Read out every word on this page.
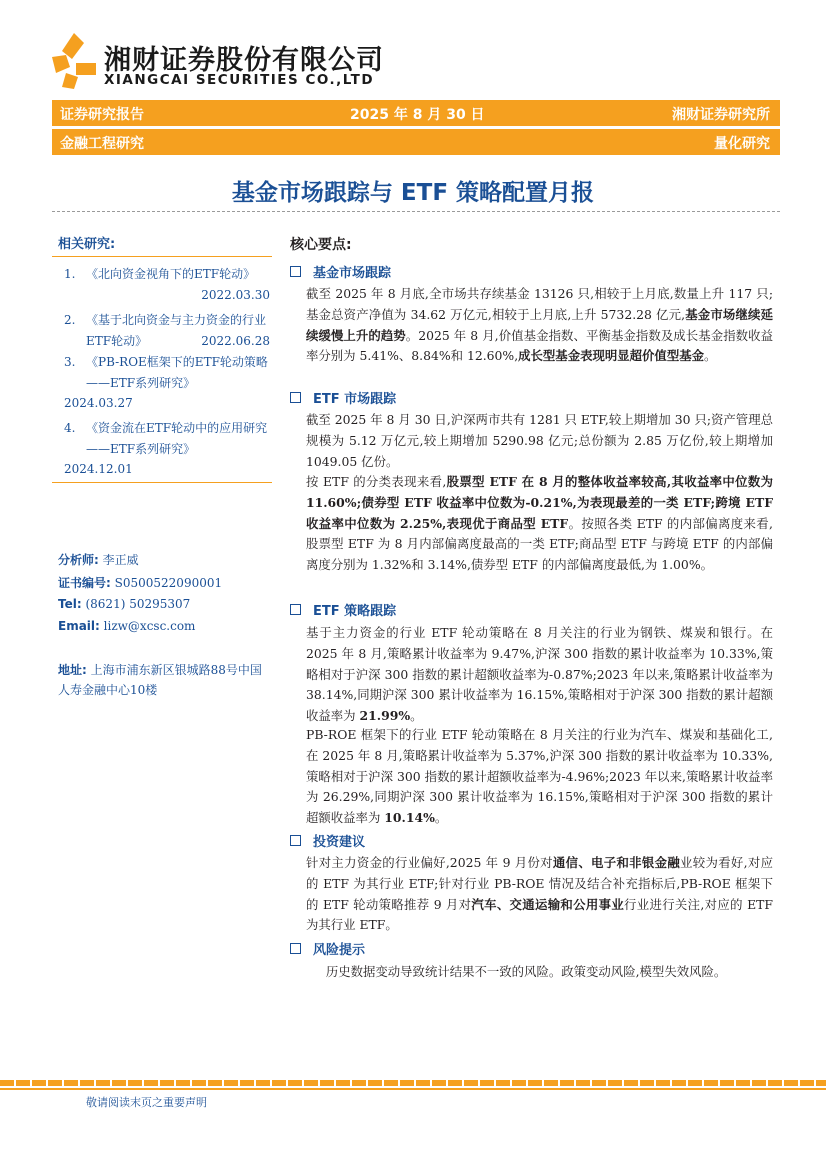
湘财证券股份有限公司
XIANGCAI SECURITIES CO.,LTD
证券研究报告	2025 年 8 月 30 日	湘财证券研究所
金融工程研究	量化研究
基金市场跟踪与 ETF 策略配置月报
相关研究:
1. 《北向资金视角下的ETF轮动》
2022.03.30
2. 《基于北向资金与主力资金的行业ETF轮动》	2022.06.28
3. 《PB-ROE框架下的ETF轮动策略——ETF系列研究》
2024.03.27
4. 《资金流在ETF轮动中的应用研究——ETF系列研究》
2024.12.01
分析师: 李正威
证书编号: S0500522090001
Tel: (8621) 50295307
Email: lizw@xcsc.com
地址: 上海市浦东新区银城路88号中国人寿金融中心10楼
核心要点:
基金市场跟踪
截至 2025 年 8 月底,全市场共存续基金 13126 只,相较于上月底,数量上升 117 只;基金总资产净值为 34.62 万亿元,相较于上月底,上升 5732.28 亿元,基金市场继续延续缓慢上升的趋势。2025 年 8 月,价值基金指数、平衡基金指数及成长基金指数收益率分别为 5.41%、8.84%和 12.60%,成长型基金表现明显超价值型基金。
ETF 市场跟踪
截至 2025 年 8 月 30 日,沪深两市共有 1281 只 ETF,较上期增加 30 只;资产管理总规模为 5.12 万亿元,较上期增加 5290.98 亿元;总份额为 2.85 万亿份,较上期增加 1049.05 亿份。
按 ETF 的分类表现来看,股票型 ETF 在 8 月的整体收益率较高,其收益率中位数为 11.60%;债券型 ETF 收益率中位数为-0.21%,为表现最差的一类 ETF;跨境 ETF 收益率中位数为 2.25%,表现优于商品型 ETF。按照各类 ETF 的内部偏离度来看,股票型 ETF 为 8 月内部偏离度最高的一类 ETF;商品型 ETF 与跨境 ETF 的内部偏离度分别为 1.32%和 3.14%,债券型 ETF 的内部偏离度最低,为 1.00%。
ETF 策略跟踪
基于主力资金的行业 ETF 轮动策略在 8 月关注的行业为钢铁、煤炭和银行。在 2025 年 8 月,策略累计收益率为 9.47%,沪深 300 指数的累计收益率为 10.33%,策略相对于沪深 300 指数的累计超额收益率为-0.87%;2023 年以来,策略累计收益率为 38.14%,同期沪深 300 累计收益率为 16.15%,策略相对于沪深 300 指数的累计超额收益率为 21.99%。
PB-ROE 框架下的行业 ETF 轮动策略在 8 月关注的行业为汽车、煤炭和基础化工,在 2025 年 8 月,策略累计收益率为 5.37%,沪深 300 指数的累计收益率为 10.33%,策略相对于沪深 300 指数的累计超额收益率为-4.96%;2023 年以来,策略累计收益率为 26.29%,同期沪深 300 累计收益率为 16.15%,策略相对于沪深 300 指数的累计超额收益率为 10.14%。
投资建议
针对主力资金的行业偏好,2025 年 9 月份对通信、电子和非银金融业较为看好,对应的 ETF 为其行业 ETF;针对行业 PB-ROE 情况及结合补充指标后,PB-ROE 框架下的 ETF 轮动策略推荐 9 月对汽车、交通运输和公用事业行业进行关注,对应的 ETF 为其行业 ETF。
风险提示
历史数据变动导致统计结果不一致的风险。政策变动风险,模型失效风险。
敬请阅读末页之重要声明
